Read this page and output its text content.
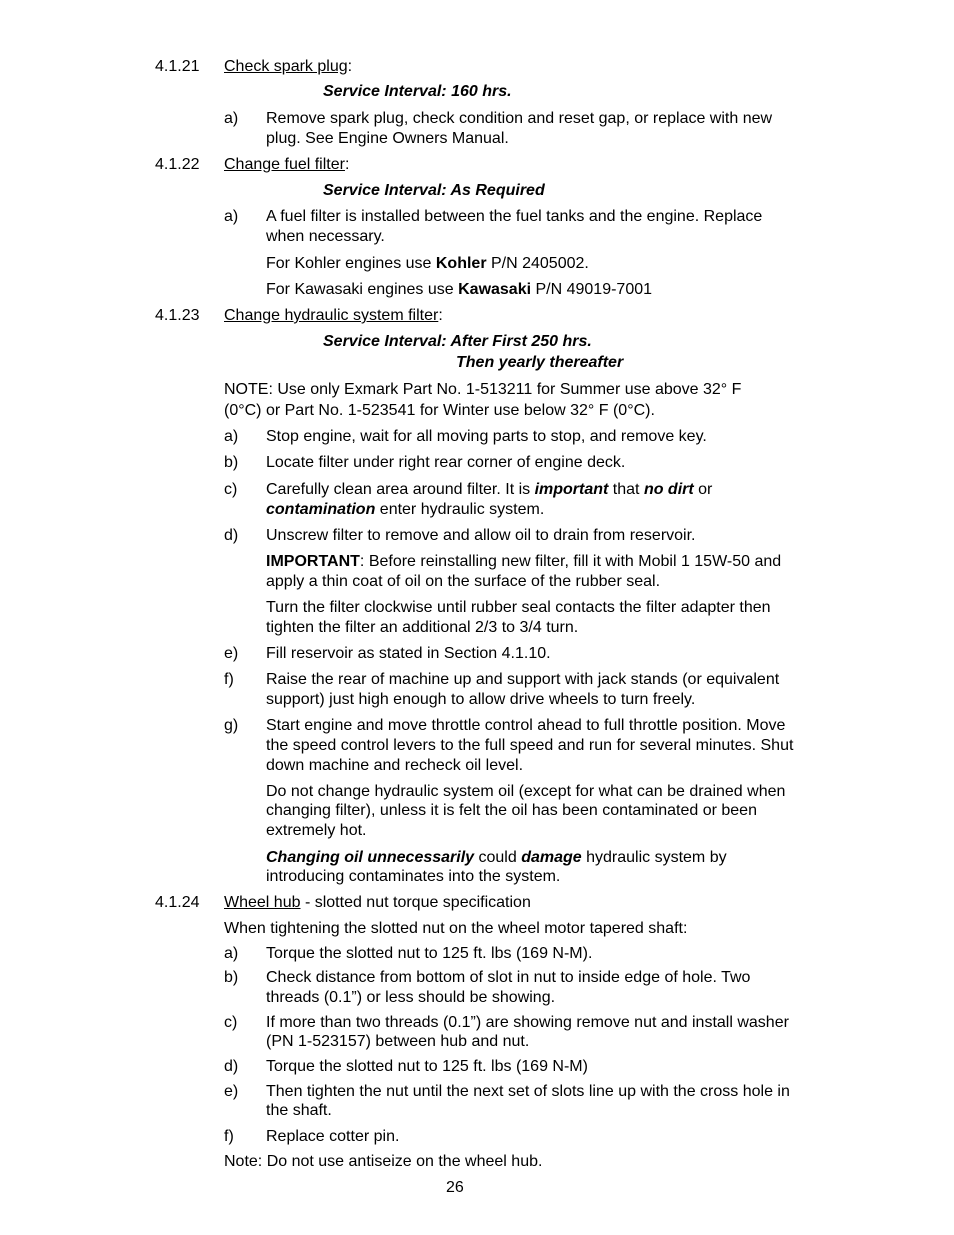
4.1.21 Check spark plug:
Service Interval: 160 hrs.
a) Remove spark plug, check condition and reset gap, or replace with new
plug. See Engine Owners Manual.
4.1.22 Change fuel filter:
Service Interval: As Required
a) A fuel filter is installed between the fuel tanks and the engine. Replace
when necessary.
For Kohler engines use Kohler P/N 2405002.
For Kawasaki engines use Kawasaki P/N 49019-7001
4.1.23 Change hydraulic system filter:
Service Interval: After First 250 hrs.
Then yearly thereafter
NOTE: Use only Exmark Part No. 1-513211 for Summer use above 32° F
(0°C) or Part No. 1-523541 for Winter use below 32° F (0°C).
a) Stop engine, wait for all moving parts to stop, and remove key.
b) Locate filter under right rear corner of engine deck.
c) Carefully clean area around filter. It is important that no dirt or
contamination enter hydraulic system.
d) Unscrew filter to remove and allow oil to drain from reservoir.
IMPORTANT: Before reinstalling new filter, fill it with Mobil 1 15W-50 and
apply a thin coat of oil on the surface of the rubber seal.
Turn the filter clockwise until rubber seal contacts the filter adapter then
tighten the filter an additional 2/3 to 3/4 turn.
e) Fill reservoir as stated in Section 4.1.10.
f) Raise the rear of machine up and support with jack stands (or equivalent
support) just high enough to allow drive wheels to turn freely.
g) Start engine and move throttle control ahead to full throttle position. Move
the speed control levers to the full speed and run for several minutes. Shut
down machine and recheck oil level.
Do not change hydraulic system oil (except for what can be drained when
changing filter), unless it is felt the oil has been contaminated or been
extremely hot.
Changing oil unnecessarily could damage hydraulic system by
introducing contaminates into the system.
4.1.24 Wheel hub - slotted nut torque specification
When tightening the slotted nut on the wheel motor tapered shaft:
a) Torque the slotted nut to 125 ft. lbs (169 N-M).
b) Check distance from bottom of slot in nut to inside edge of hole. Two
threads (0.1”) or less should be showing.
c) If more than two threads (0.1”) are showing remove nut and install washer
(PN 1-523157) between hub and nut.
d) Torque the slotted nut to 125 ft. lbs (169 N-M)
e) Then tighten the nut until the next set of slots line up with the cross hole in
the shaft.
f) Replace cotter pin.
Note: Do not use antiseize on the wheel hub.
26
